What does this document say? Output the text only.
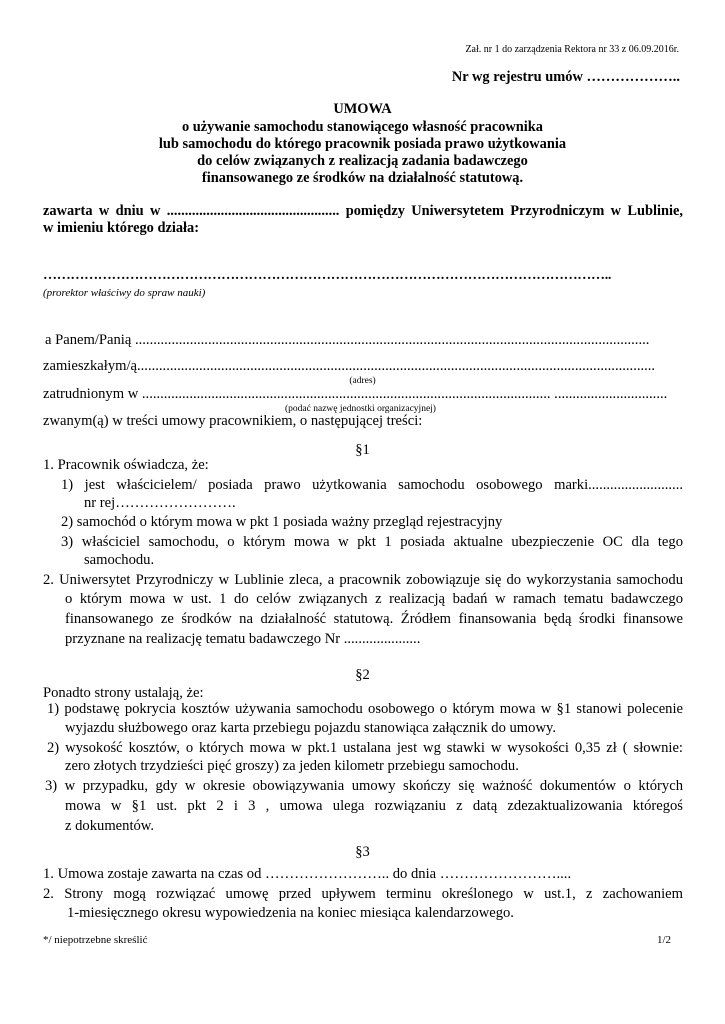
Zał. nr 1 do zarządzenia Rektora nr 33 z 06.09.2016r.
Nr wg rejestru umów ………………..
UMOWA
o używanie samochodu stanowiącego własność pracownika
lub samochodu do którego pracownik posiada prawo użytkowania
do celów związanych z realizacją zadania badawczego
finansowanego ze środków na działalność statutową.
zawarta w dniu w ................................................ pomiędzy Uniwersytetem Przyrodniczym w Lublinie,
w imieniu którego działa:
……………………………………………………………………………………………………………..
(prorektor właściwy do spraw nauki)
a Panem/Panią .............................................................................................................................................
zamieszkałym/ą..............................................................................................................................................
(adres)
zatrudnionym w ................................................................................................................ ...............................
(podać nazwę jednostki organizacyjnej)
zwanym(ą) w treści umowy pracownikiem, o następującej treści:
§1
1. Pracownik oświadcza, że:
1) jest właścicielem/ posiada prawo użytkowania samochodu osobowego marki..........................
nr rej…………………….
2) samochód o którym mowa w pkt 1 posiada ważny przegląd rejestracyjny
3) właściciel samochodu, o którym mowa w pkt 1 posiada aktualne ubezpieczenie OC dla tego
samochodu.
2. Uniwersytet Przyrodniczy w Lublinie zleca, a pracownik zobowiązuje się do wykorzystania samochodu
o którym mowa w ust. 1 do celów związanych z realizacją badań w ramach tematu badawczego
finansowanego ze środków na działalność statutową. Źródłem finansowania będą środki finansowe
przyznane na realizację tematu badawczego Nr .....................
§2
Ponadto strony ustalają, że:
1) podstawę pokrycia kosztów używania samochodu osobowego o którym mowa w §1 stanowi polecenie
wyjazdu służbowego oraz karta przebiegu pojazdu stanowiąca załącznik do umowy.
2) wysokość kosztów, o których mowa w pkt.1 ustalana jest wg stawki w wysokości 0,35 zł ( słownie:
zero złotych trzydzieści pięć groszy) za jeden kilometr przebiegu samochodu.
3) w przypadku, gdy w okresie obowiązywania umowy skończy się ważność dokumentów o których
mowa w §1 ust. pkt 2 i 3 , umowa ulega rozwiązaniu z datą zdezaktualizowania któregoś
z dokumentów.
§3
1. Umowa zostaje zawarta na czas od …………………….. do dnia ……………………....
2. Strony mogą rozwiązać umowę przed upływem terminu określonego w ust.1, z zachowaniem
1-miesięcznego okresu wypowiedzenia na koniec miesiąca kalendarzowego.
*/ niepotrzebne skreślić	1/2
